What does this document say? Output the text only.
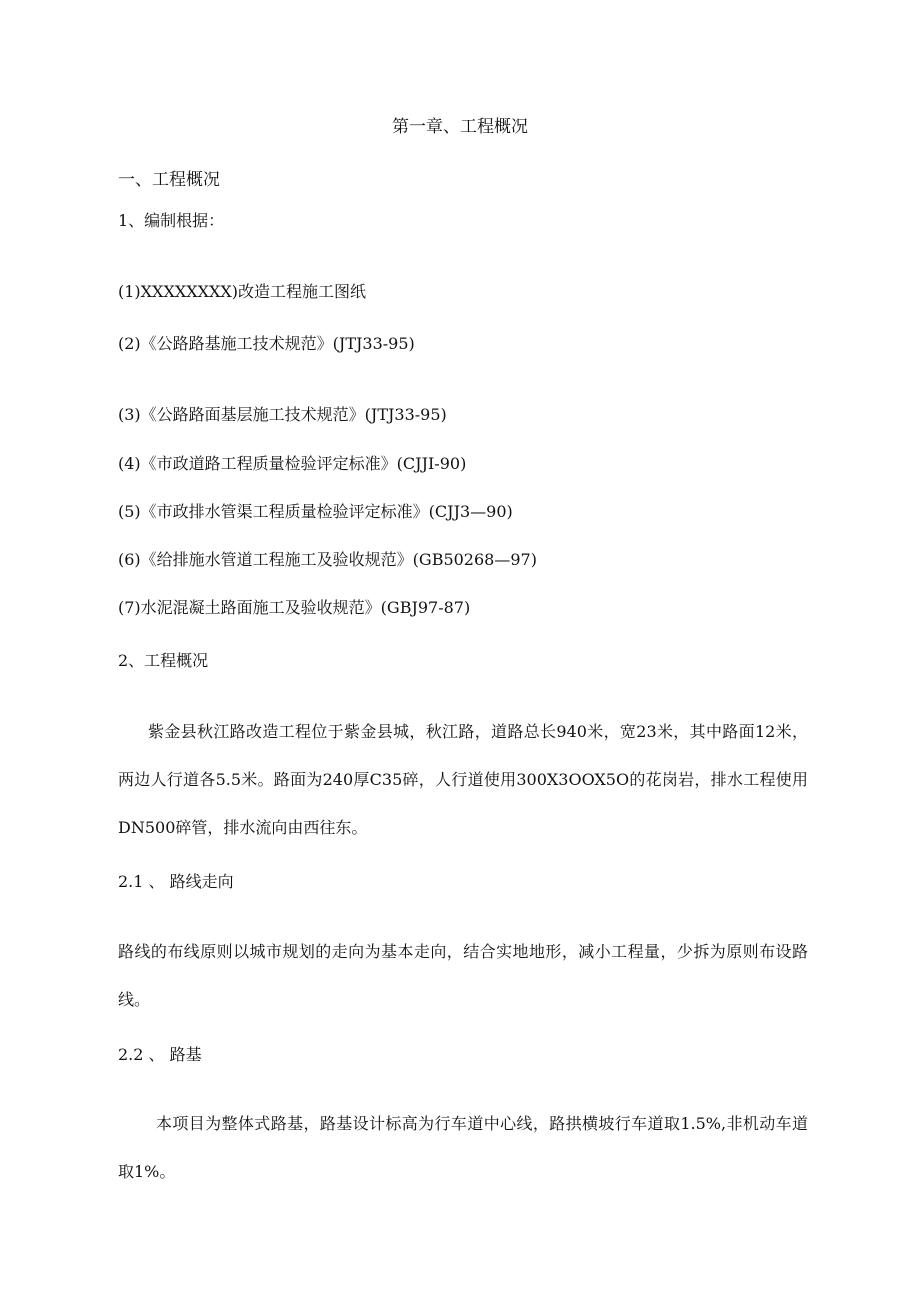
第一章、工程概况
一、工程概况
1、编制根据：
(1)XXXXXXXX)改造工程施工图纸
(2)《公路路基施工技术规范》(JTJ33-95)
(3)《公路路面基层施工技术规范》(JTJ33-95)
(4)《市政道路工程质量检验评定标准》(CJJI-90)
(5)《市政排水管渠工程质量检验评定标准》(CJJ3—90)
(6)《给排施水管道工程施工及验收规范》(GB50268—97)
(7)水泥混凝土路面施工及验收规范》(GBJ97-87)
2、工程概况
紫金县秋江路改造工程位于紫金县城，秋江路，道路总长940米，宽23米，其中路面12米，两边人行道各5.5米。路面为240厚C35碎，人行道使用300X3OOX5O的花岗岩，排水工程使用DN500碎管，排水流向由西往东。
2.1 、 路线走向
路线的布线原则以城市规划的走向为基本走向，结合实地地形，减小工程量，少拆为原则布设路线。
2.2 、 路基
本项目为整体式路基，路基设计标高为行车道中心线，路拱横坡行车道取1.5%,非机动车道取1%。
